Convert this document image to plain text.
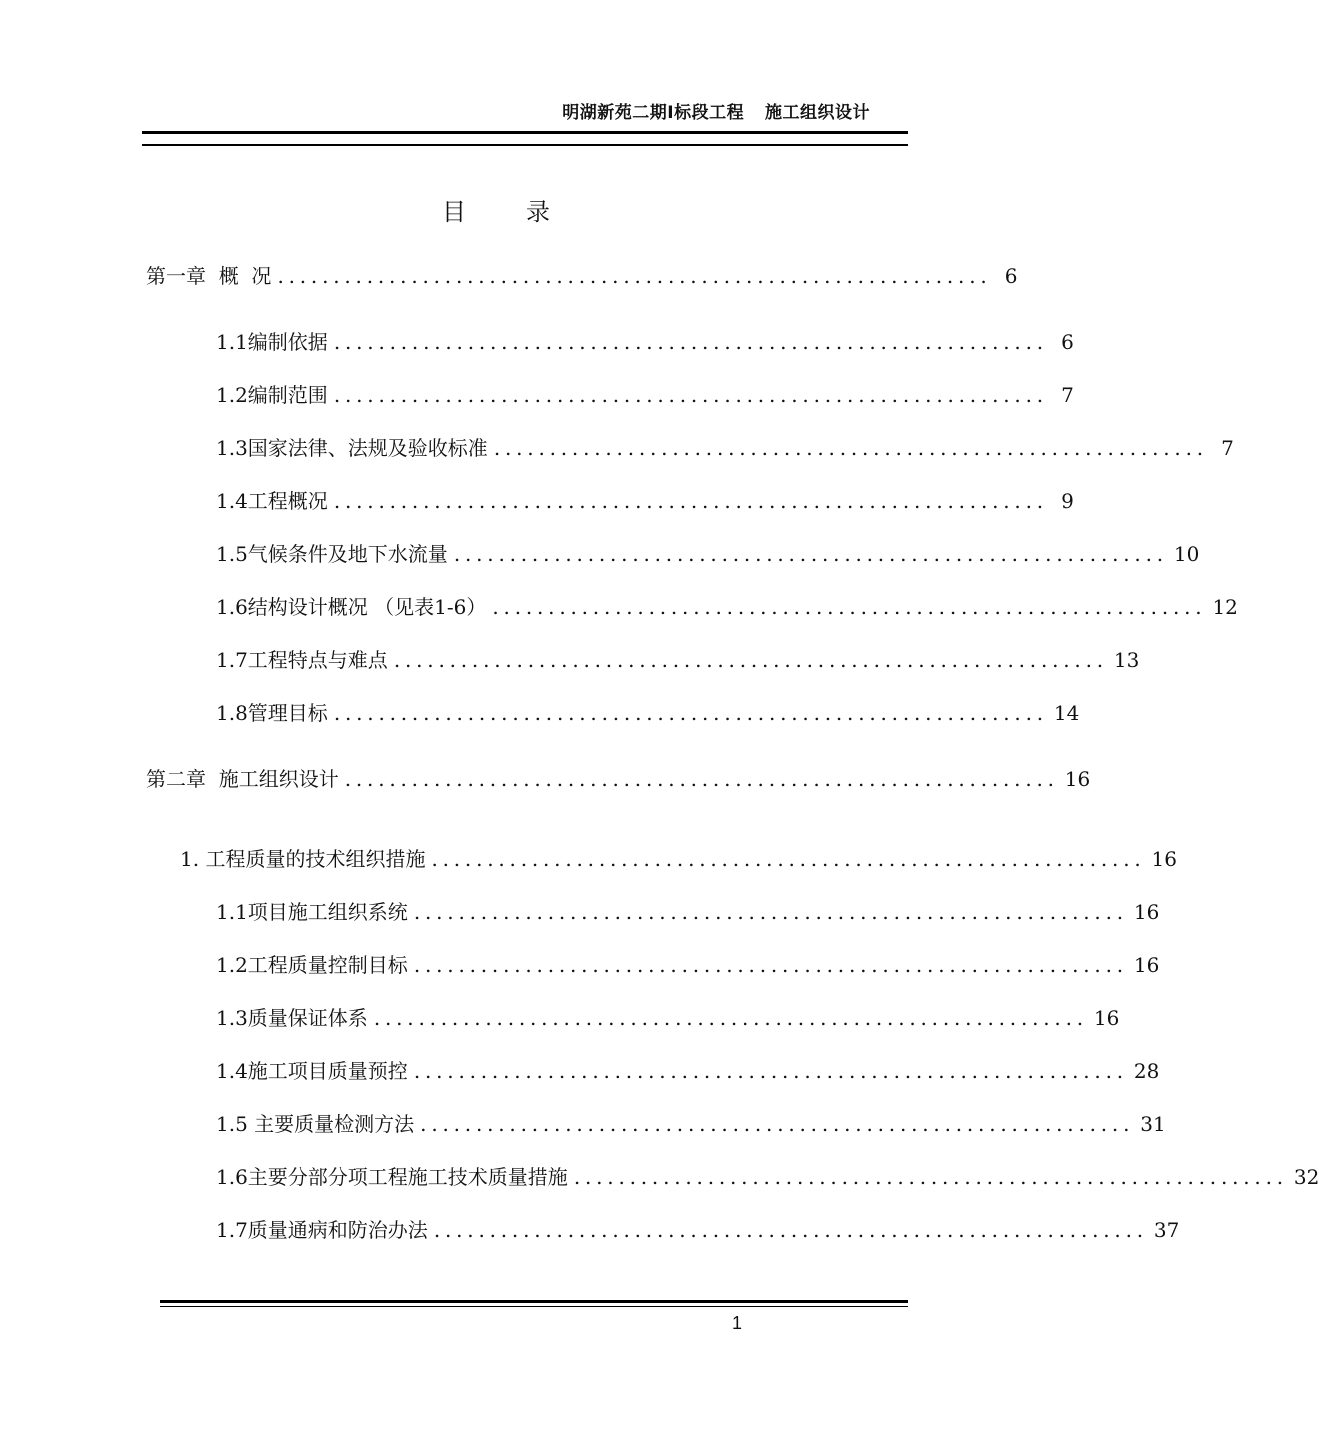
明湖新苑二期Ⅰ标段工程    施工组织设计
目录
第一章  概  况 ................................................................ 6
1.1编制依据 ................................................................ 6
1.2编制范围 ................................................................ 7
1.3国家法律、法规及验收标准 ................................................................ 7
1.4工程概况 ................................................................ 9
1.5气候条件及地下水流量 ................................................................ 10
1.6结构设计概况 （见表1-6） ................................................................ 12
1.7工程特点与难点 ................................................................ 13
1.8管理目标 ................................................................ 14
第二章  施工组织设计 ................................................................ 16
1. 工程质量的技术组织措施 ................................................................ 16
1.1项目施工组织系统 ................................................................ 16
1.2工程质量控制目标 ................................................................ 16
1.3质量保证体系 ................................................................ 16
1.4施工项目质量预控 ................................................................ 28
1.5 主要质量检测方法 ................................................................ 31
1.6主要分部分项工程施工技术质量措施 ................................................................ 32
1.7质量通病和防治办法 ................................................................ 37
1
